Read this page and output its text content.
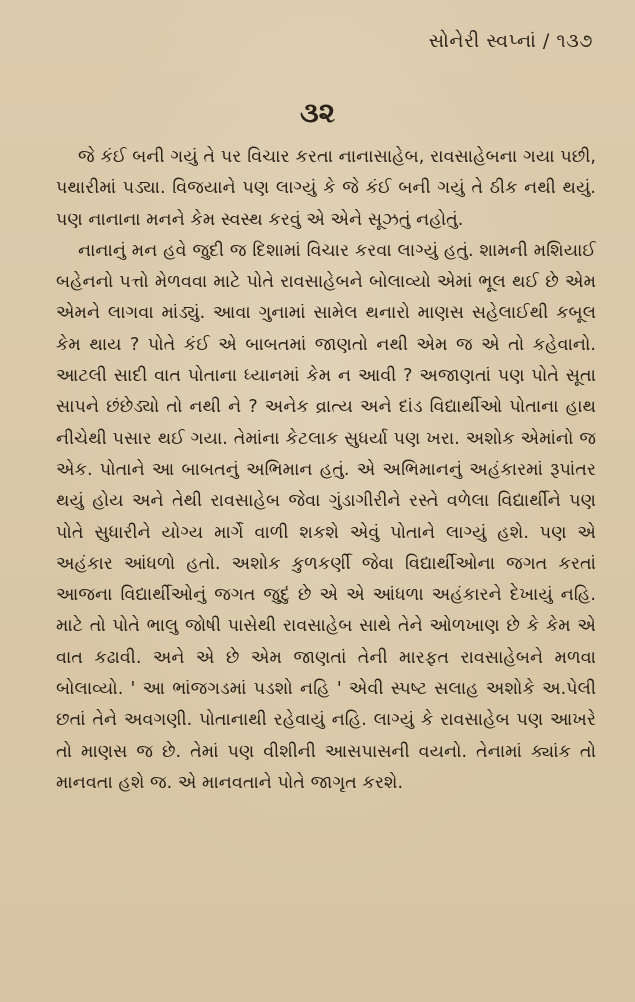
સોનેરી સ્વપ્નાં / ૧૩૭
૩૨

જે કંઈ બની ગયું તે પર વિચાર કરતા નાનાસાહેબ, રાવસાહેબના ગયા પછી, પથારીમાં પડ્યા. વિજયાને પણ લાગ્યું કે જે કંઈ બની ગયું તે ઠીક નથી થયું. પણ નાનાના મનને કેમ સ્વસ્થ કરવું એ એને સૂઝતું નહોતું.

નાનાનું મન હવે જુદી જ દિશામાં વિચાર કરવા લાગ્યું હતું. શામની મશિયાઈ બહેનનો પત્તો મેળવવા માટે પોતે રાવસાહેબને બોલાવ્યો એમાં ભૂલ થઈ છે એમ એમને લાગવા માંડ્યું. આવા ગુનામાં સામેલ થનારો માણસ સહેલાઈથી કબૂલ કેમ થાય ? પોતે કંઈ એ બાબતમાં જાણતો નથી એમ જ એ તો કહેવાનો. આટલી સાદી વાત પોતાના ધ્યાનમાં કેમ ન આવી ? અજાણતાં પણ પોતે સૂતા સાપને છંછેડ્યો તો નથી ને ? અનેક વ્રાત્ય અને દાંડ વિદ્યાર્થીઓ પોતાના હાથ નીચેથી પસાર થઈ ગયા. તેમાંના કેટલાક સુધર્યા પણ ખરા. અશોક એમાંનો જ એક. પોતાને આ બાબતનું અભિમાન હતું. એ અભિમાનનું અહંકારમાં રૂપાંતર થયું હોય અને તેથી રાવસાહેબ જેવા ગુંડાગીરીને રસ્તે વળેલા વિદ્યાર્થીને પણ પોતે સુધારીને યોગ્ય માર્ગે વાળી શકશે એવું પોતાને લાગ્યું હશે. પણ એ અહંકાર આંધળો હતો. અશોક કુળકર્ણી જેવા વિદ્યાર્થીઓના જગત કરતાં આજના વિદ્યાર્થીઓનું જગત જુદું છે એ એ આંધળા અહંકારને દેખાયું નહિ. માટે તો પોતે ભાલુ જોષી પાસેથી રાવસાહેબ સાથે તેને ઓળખાણ છે કે કેમ એ વાત કઢાવી. અને એ છે એમ જાણતાં તેની મારફત રાવસાહેબને મળવા બોલાવ્યો. ' આ ભાંજગડમાં પડશો નહિ ' એવી સ્પષ્ટ સલાહ અશોકે અ.પેલી છતાં તેને અવગણી. પોતાનાથી રહેવાયું નહિ. લાગ્યું કે રાવસાહેબ પણ આખરે તો માણસ જ છે. તેમાં પણ વીશીની આસપાસની વયનો. તેનામાં ક્યાંક તો માનવતા હશે જ. એ માનવતાને પોતે જાગૃત કરશે.
